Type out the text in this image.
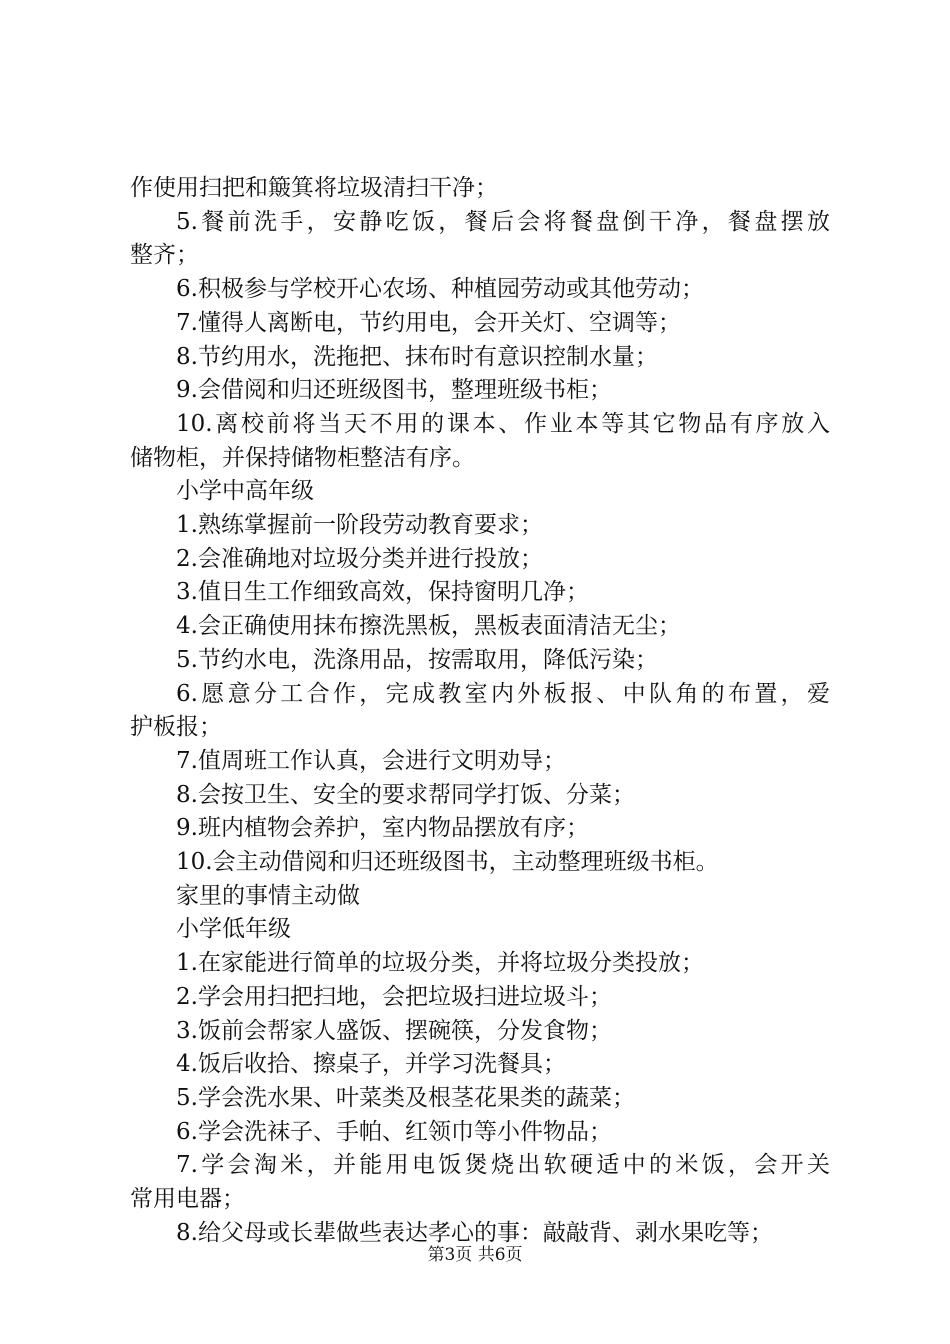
作使用扫把和簸箕将垃圾清扫干净；

5.餐前洗手，安静吃饭，餐后会将餐盘倒干净，餐盘摆放

整齐；

6.积极参与学校开心农场、种植园劳动或其他劳动；

7.懂得人离断电，节约用电，会开关灯、空调等；

8.节约用水，洗拖把、抹布时有意识控制水量；

9.会借阅和归还班级图书，整理班级书柜；

10.离校前将当天不用的课本、作业本等其它物品有序放入

储物柜，并保持储物柜整洁有序。

小学中高年级

1.熟练掌握前一阶段劳动教育要求；

2.会准确地对垃圾分类并进行投放；

3.值日生工作细致高效，保持窗明几净；

4.会正确使用抹布擦洗黑板，黑板表面清洁无尘；

5.节约水电，洗涤用品，按需取用，降低污染；

6.愿意分工合作，完成教室内外板报、中队角的布置，爱

护板报；

7.值周班工作认真，会进行文明劝导；

8.会按卫生、安全的要求帮同学打饭、分菜；

9.班内植物会养护，室内物品摆放有序；

10.会主动借阅和归还班级图书，主动整理班级书柜。

家里的事情主动做

小学低年级

1.在家能进行简单的垃圾分类，并将垃圾分类投放；

2.学会用扫把扫地，会把垃圾扫进垃圾斗；

3.饭前会帮家人盛饭、摆碗筷，分发食物；

4.饭后收拾、擦桌子，并学习洗餐具；

5.学会洗水果、叶菜类及根茎花果类的蔬菜；

6.学会洗袜子、手帕、红领巾等小件物品；

7.学会淘米，并能用电饭煲烧出软硬适中的米饭，会开关

常用电器；

8.给父母或长辈做些表达孝心的事：敲敲背、剥水果吃等；

第3页 共6页
